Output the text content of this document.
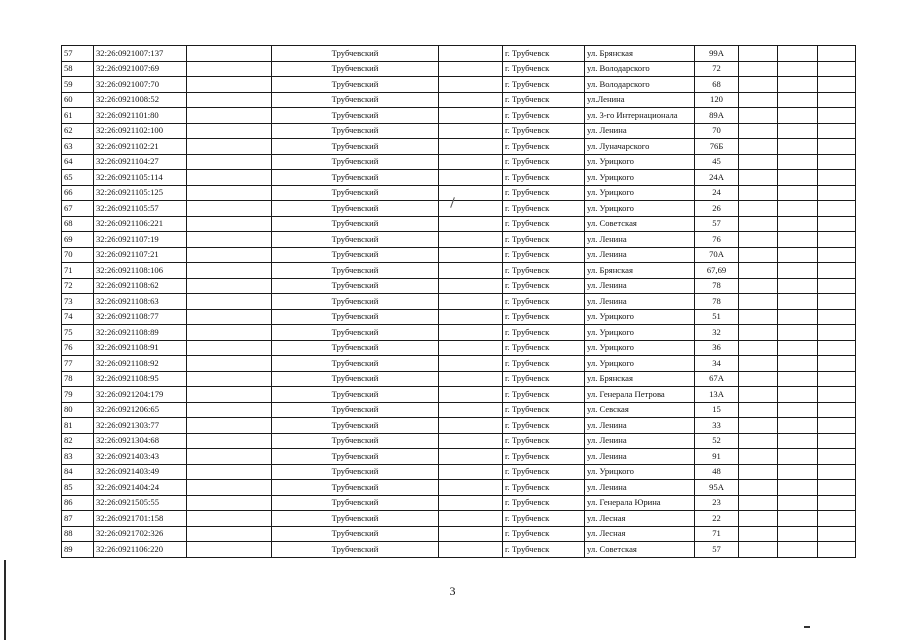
57	32:26:0921007:137		Трубчевский		г. Трубчевск	ул. Брянская	99А			
58	32:26:0921007:69		Трубчевский		г. Трубчевск	ул. Володарского	72			
59	32:26:0921007:70		Трубчевский		г. Трубчевск	ул. Володарского	68			
60	32:26:0921008:52		Трубчевский		г. Трубчевск	ул.Ленина	120			
61	32:26:0921101:80		Трубчевский		г. Трубчевск	ул. 3-го Интернационала	89А			
62	32:26:0921102:100		Трубчевский		г. Трубчевск	ул. Ленина	70			
63	32:26:0921102:21		Трубчевский		г. Трубчевск	ул. Луначарского	76Б			
64	32:26:0921104:27		Трубчевский		г. Трубчевск	ул. Урицкого	45			
65	32:26:0921105:114		Трубчевский		г. Трубчевск	ул. Урицкого	24А			
66	32:26:0921105:125		Трубчевский		г. Трубчевск	ул. Урицкого	24			
67	32:26:0921105:57		Трубчевский		г. Трубчевск	ул. Урицкого	26			
68	32:26:0921106:221		Трубчевский		г. Трубчевск	ул. Советская	57			
69	32:26:0921107:19		Трубчевский		г. Трубчевск	ул. Ленина	76			
70	32:26:0921107:21		Трубчевский		г. Трубчевск	ул. Ленина	70А			
71	32:26:0921108:106		Трубчевский		г. Трубчевск	ул. Брянская	67,69			
72	32:26:0921108:62		Трубчевский		г. Трубчевск	ул. Ленина	78			
73	32:26:0921108:63		Трубчевский		г. Трубчевск	ул. Ленина	78			
74	32:26:0921108:77		Трубчевский		г. Трубчевск	ул. Урицкого	51			
75	32:26:0921108:89		Трубчевский		г. Трубчевск	ул. Урицкого	32			
76	32:26:0921108:91		Трубчевский		г. Трубчевск	ул. Урицкого	36			
77	32:26:0921108:92		Трубчевский		г. Трубчевск	ул. Урицкого	34			
78	32:26:0921108:95		Трубчевский		г. Трубчевск	ул. Брянская	67А			
79	32:26:0921204:179		Трубчевский		г. Трубчевск	ул. Генерала Петрова	13А			
80	32:26:0921206:65		Трубчевский		г. Трубчевск	ул. Севская	15			
81	32:26:0921303:77		Трубчевский		г. Трубчевск	ул. Ленина	33			
82	32:26:0921304:68		Трубчевский		г. Трубчевск	ул. Ленина	52			
83	32:26:0921403:43		Трубчевский		г. Трубчевск	ул. Ленина	91			
84	32:26:0921403:49		Трубчевский		г. Трубчевск	ул. Урицкого	48			
85	32:26:0921404:24		Трубчевский		г. Трубчевск	ул. Ленина	95А			
86	32:26:0921505:55		Трубчевский		г. Трубчевск	ул. Генерала Юрина	23			
87	32:26:0921701:158		Трубчевский		г. Трубчевск	ул. Лесная	22			
88	32:26:0921702:326		Трубчевский		г. Трубчевск	ул. Лесная	71			
89	32:26:0921106:220		Трубчевский		г. Трубчевск	ул. Советская	57			
3
